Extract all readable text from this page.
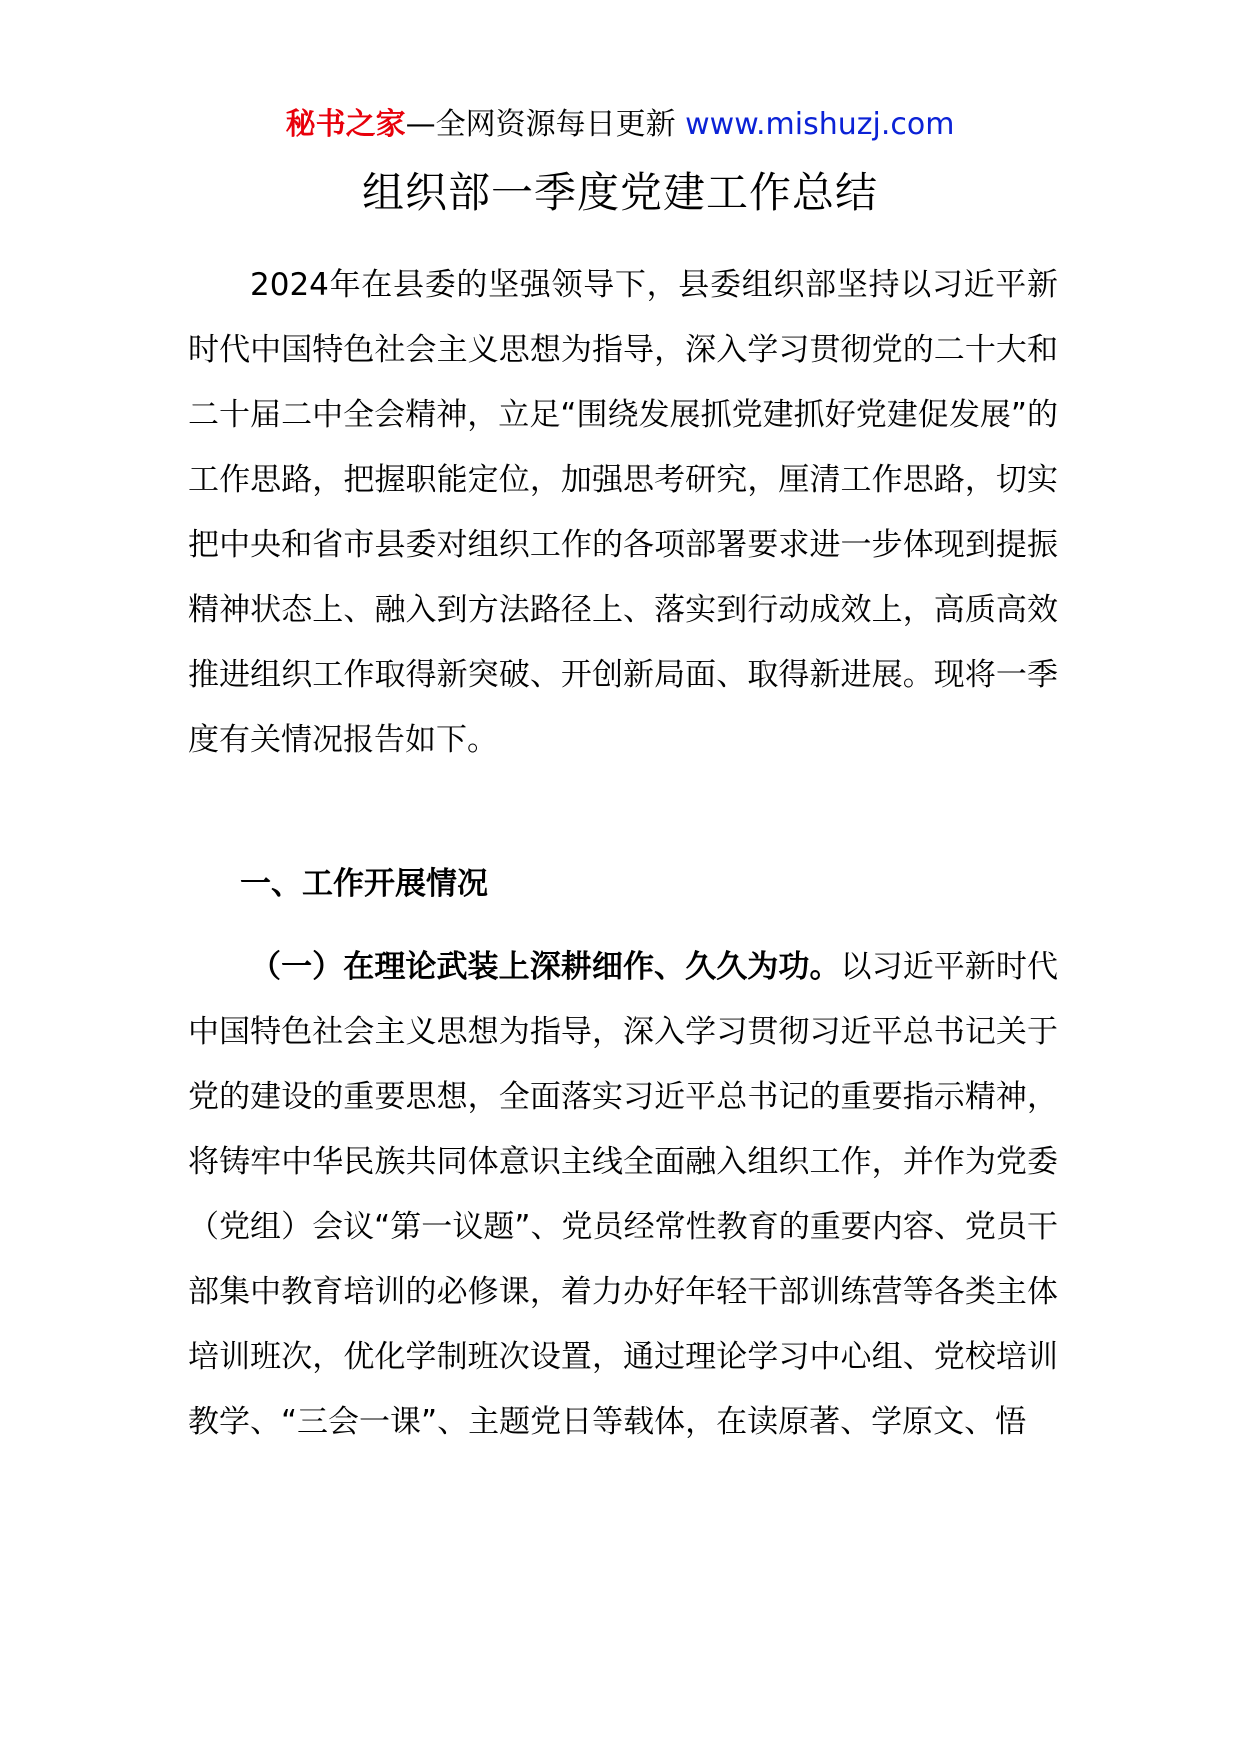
秘书之家—全网资源每日更新 www.mishuzj.com
组织部一季度党建工作总结

2024年在县委的坚强领导下，县委组织部坚持以习近平新时代中国特色社会主义思想为指导，深入学习贯彻党的二十大和二十届二中全会精神，立足“围绕发展抓党建抓好党建促发展”的工作思路，把握职能定位，加强思考研究，厘清工作思路，切实把中央和省市县委对组织工作的各项部署要求进一步体现到提振精神状态上、融入到方法路径上、落实到行动成效上，高质高效推进组织工作取得新突破、开创新局面、取得新进展。现将一季度有关情况报告如下。

一、工作开展情况

（一）在理论武装上深耕细作、久久为功。以习近平新时代中国特色社会主义思想为指导，深入学习贯彻习近平总书记关于党的建设的重要思想，全面落实习近平总书记的重要指示精神，将铸牢中华民族共同体意识主线全面融入组织工作，并作为党委（党组）会议“第一议题”、党员经常性教育的重要内容、党员干部集中教育培训的必修课，着力办好年轻干部训练营等各类主体培训班次，优化学制班次设置，通过理论学习中心组、党校培训教学、“三会一课”、主题党日等载体，在读原著、学原文、悟
